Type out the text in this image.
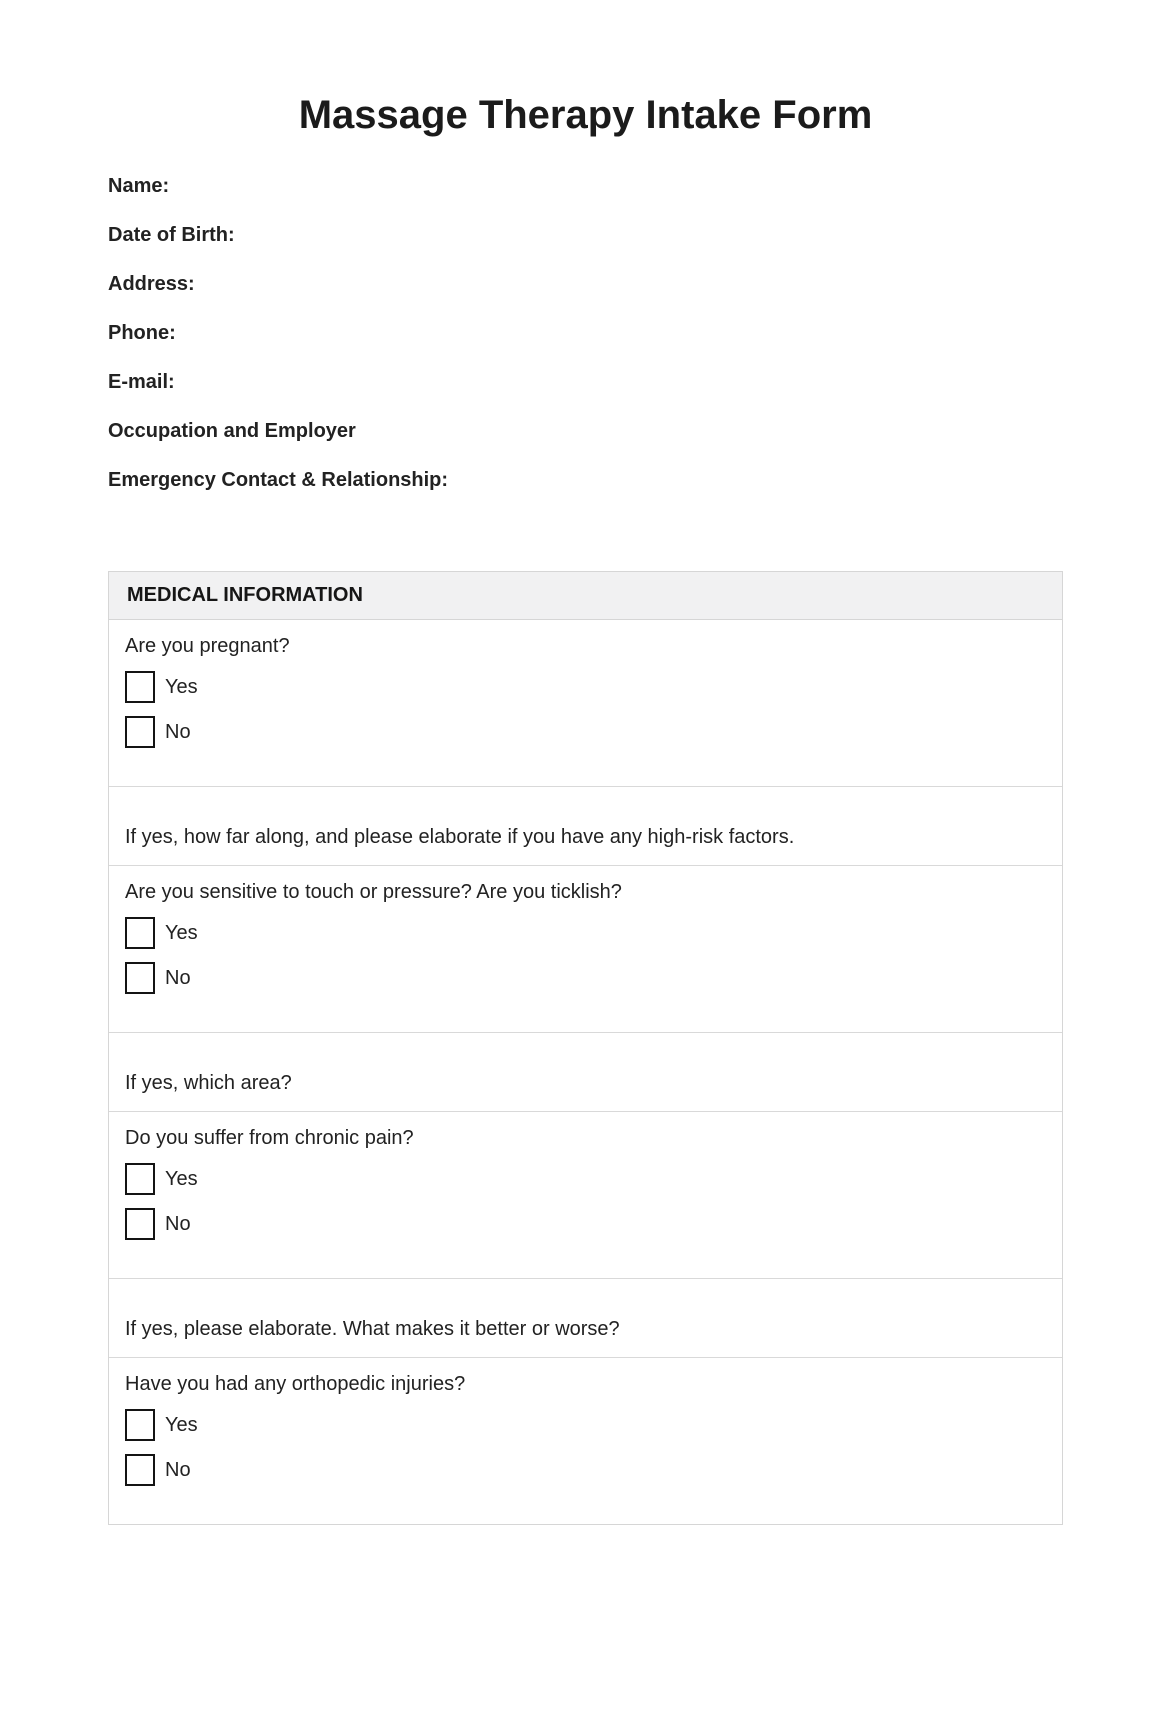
Massage Therapy Intake Form
Name:
Date of Birth:
Address:
Phone:
E-mail:
Occupation and Employer
Emergency Contact & Relationship:
MEDICAL INFORMATION
Are you pregnant?
Yes
No
If yes, how far along, and please elaborate if you have any high-risk factors.
Are you sensitive to touch or pressure? Are you ticklish?
Yes
No
If yes, which area?
Do you suffer from chronic pain?
Yes
No
If yes, please elaborate. What makes it better or worse?
Have you had any orthopedic injuries?
Yes
No
